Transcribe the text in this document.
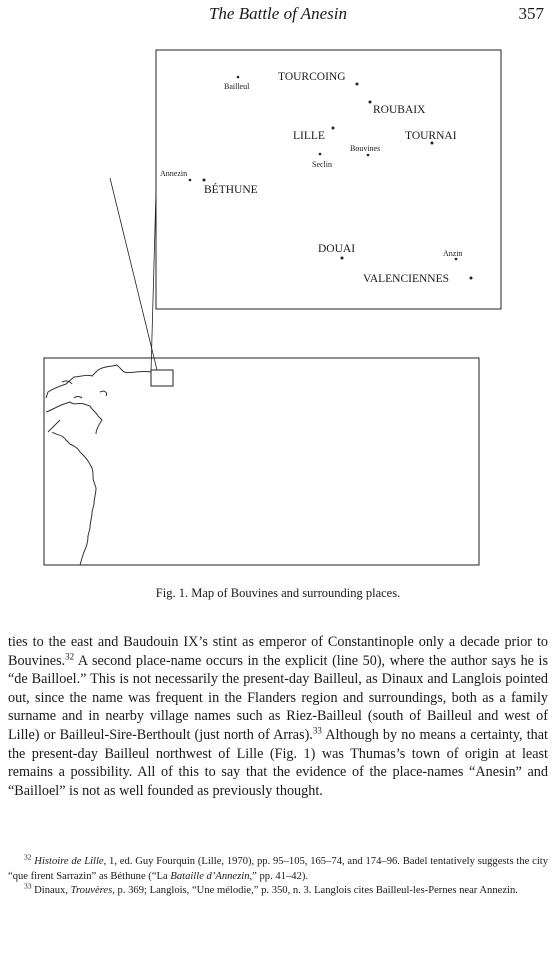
The Battle of Anesin	357
Bailleul
TOURCOING
ROUBAIX
LILLE	TOURNAI
Bouvines
Seclin
Annezin
BÉTHUNE
DOUAI	Anzin
VALENCIENNES
Fig. 1. Map of Bouvines and surrounding places.

ties to the east and Baudouin IX’s stint as emperor of Constantinople only a decade prior to Bouvines.$^{32}$ A second place-name occurs in the explicit (line 50), where the author says he is “de Bailloel.” This is not necessarily the present-day Bailleul, as Dinaux and Langlois pointed out, since the name was frequent in the Flanders region and surroundings, both as a family surname and in nearby village names such as Riez-Bailleul (south of Bailleul and west of Lille) or Bailleul-Sire-Berthoult (just north of Arras).$^{33}$ Although by no means a certainty, that the present-day Bailleul northwest of Lille (Fig. 1) was Thumas’s town of origin at least remains a possibility. All of this to say that the evidence of the place-names “Anesin” and “Bailloel” is not as well founded as previously thought.

$^{32}$ Histoire de Lille, 1, ed. Guy Fourquin (Lille, 1970), pp. 95–105, 165–74, and 174–96. Badel tentatively suggests the city “que firent Sarrazin” as Béthune (“La Bataille d’Annezin,” pp. 41–42).

$^{33}$ Dinaux, Trouvères, p. 369; Langlois, “Une mélodie,” p. 350, n. 3. Langlois cites Bailleul-les-Pernes near Annezin.
